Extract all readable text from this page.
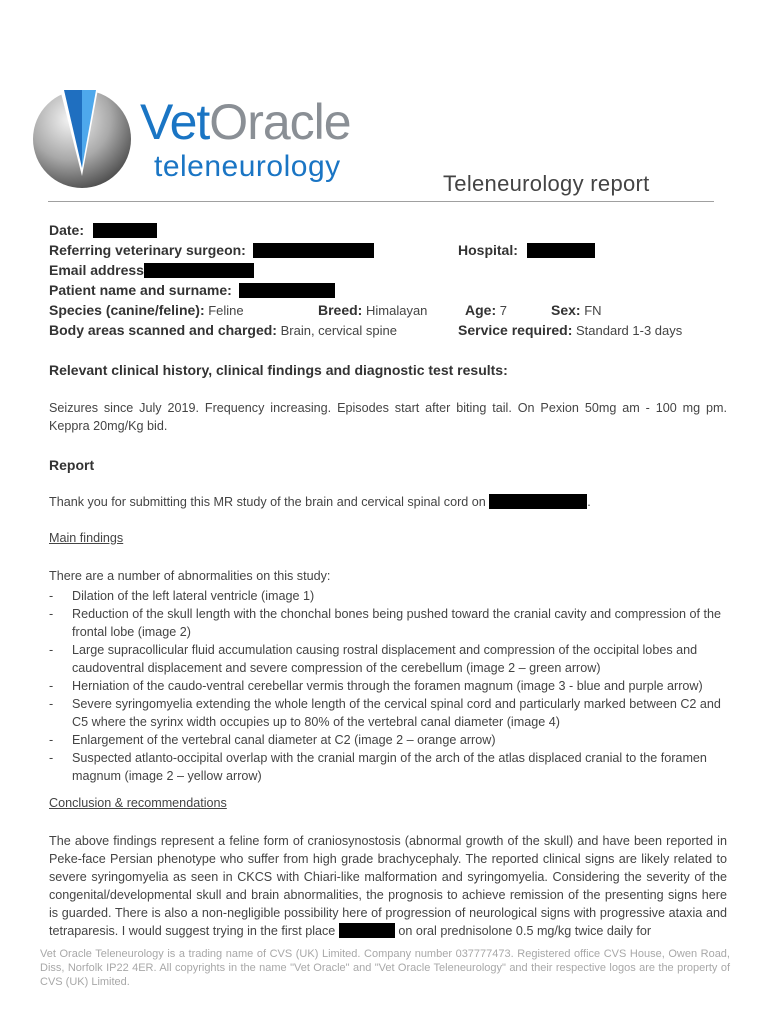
VetOracle
teleneurology
Teleneurology report
Date:
Referring veterinary surgeon:	Hospital:
Email address
Patient name and surname:
Species (canine/feline): Feline	Breed: Himalayan	Age: 7	Sex: FN
Body areas scanned and charged: Brain, cervical spine	Service required: Standard 1-3 days
Relevant clinical history, clinical findings and diagnostic test results:
Seizures since July 2019. Frequency increasing. Episodes start after biting tail. On Pexion 50mg am - 100 mg pm. Keppra 20mg/Kg bid.
Report
Thank you for submitting this MR study of the brain and cervical spinal cord on	.
Main findings
There are a number of abnormalities on this study:
- Dilation of the left lateral ventricle (image 1)
- Reduction of the skull length with the chonchal bones being pushed toward the cranial cavity and compression of the frontal lobe (image 2)
- Large supracollicular fluid accumulation causing rostral displacement and compression of the occipital lobes and caudoventral displacement and severe compression of the cerebellum (image 2 – green arrow)
- Herniation of the caudo-ventral cerebellar vermis through the foramen magnum (image 3 - blue and purple arrow)
- Severe syringomyelia extending the whole length of the cervical spinal cord and particularly marked between C2 and C5 where the syrinx width occupies up to 80% of the vertebral canal diameter (image 4)
- Enlargement of the vertebral canal diameter at C2 (image 2 – orange arrow)
- Suspected atlanto-occipital overlap with the cranial margin of the arch of the atlas displaced cranial to the foramen magnum (image 2 – yellow arrow)
Conclusion & recommendations
The above findings represent a feline form of craniosynostosis (abnormal growth of the skull) and have been reported in Peke-face Persian phenotype who suffer from high grade brachycephaly. The reported clinical signs are likely related to severe syringomyelia as seen in CKCS with Chiari-like malformation and syringomyelia. Considering the severity of the congenital/developmental skull and brain abnormalities, the prognosis to achieve remission of the presenting signs here is guarded. There is also a non-negligible possibility here of progression of neurological signs with progressive ataxia and tetraparesis. I would suggest trying in the first place	on oral prednisolone 0.5 mg/kg twice daily for
Vet Oracle Teleneurology is a trading name of CVS (UK) Limited. Company number 037777473. Registered office CVS House, Owen Road, Diss, Norfolk IP22 4ER. All copyrights in the name "Vet Oracle" and "Vet Oracle Teleneurology" and their respective logos are the property of CVS (UK) Limited.
